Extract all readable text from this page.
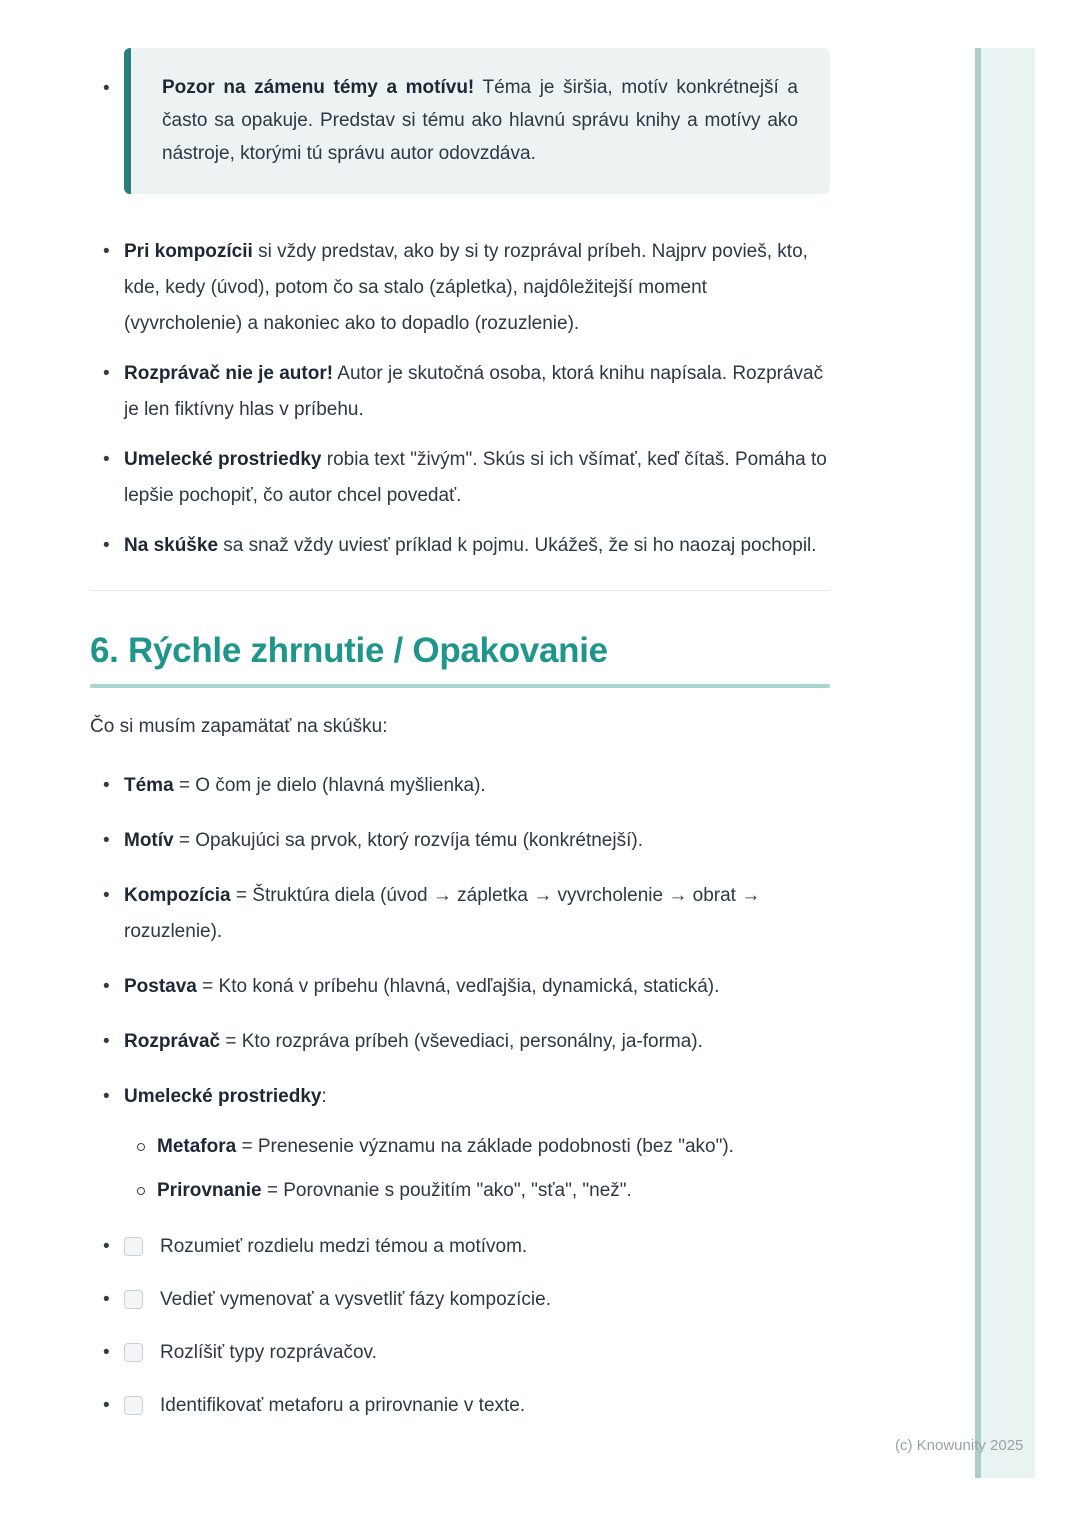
•
Pozor na zámenu témy a motívu! Téma je širšia, motív konkrétnejší a často sa opakuje. Predstav si tému ako hlavnú správu knihy a motívy ako nástroje, ktorými tú správu autor odovzdáva.
•

Pri kompozícii si vždy predstav, ako by si ty rozprával príbeh. Najprv povieš, kto, kde, kedy (úvod), potom čo sa stalo (zápletka), najdôležitejší moment (vyvrcholenie) a nakoniec ako to dopadlo (rozuzlenie).

•

Rozprávač nie je autor! Autor je skutočná osoba, ktorá knihu napísala. Rozprávač je len fiktívny hlas v príbehu.

•

Umelecké prostriedky robia text "živým". Skús si ich všímať, keď čítaš. Pomáha to lepšie pochopiť, čo autor chcel povedať.

•

Na skúške sa snaž vždy uviesť príklad k pojmu. Ukážeš, že si ho naozaj pochopil.

6. Rýchle zhrnutie / Opakovanie

Čo si musím zapamätať na skúšku:

•

Téma = O čom je dielo (hlavná myšlienka).

•

Motív = Opakujúci sa prvok, ktorý rozvíja tému (konkrétnejší).

•

Kompozícia = Štruktúra diela (úvod → zápletka → vyvrcholenie → obrat → rozuzlenie).

•

Postava = Kto koná v príbehu (hlavná, vedľajšia, dynamická, statická).

•

Rozprávač = Kto rozpráva príbeh (vševediaci, personálny, ja-forma).

•

Umelecké prostriedky:

Metafora = Prenesenie významu na základe podobnosti (bez "ako").

Prirovnanie = Porovnanie s použitím "ako", "sťa", "než".

•

Rozumieť rozdielu medzi témou a motívom.

•

Vedieť vymenovať a vysvetliť fázy kompozície.

•

Rozlíšiť typy rozprávačov.

•

Identifikovať metaforu a prirovnanie v texte.

(c) Knowunity 2025
